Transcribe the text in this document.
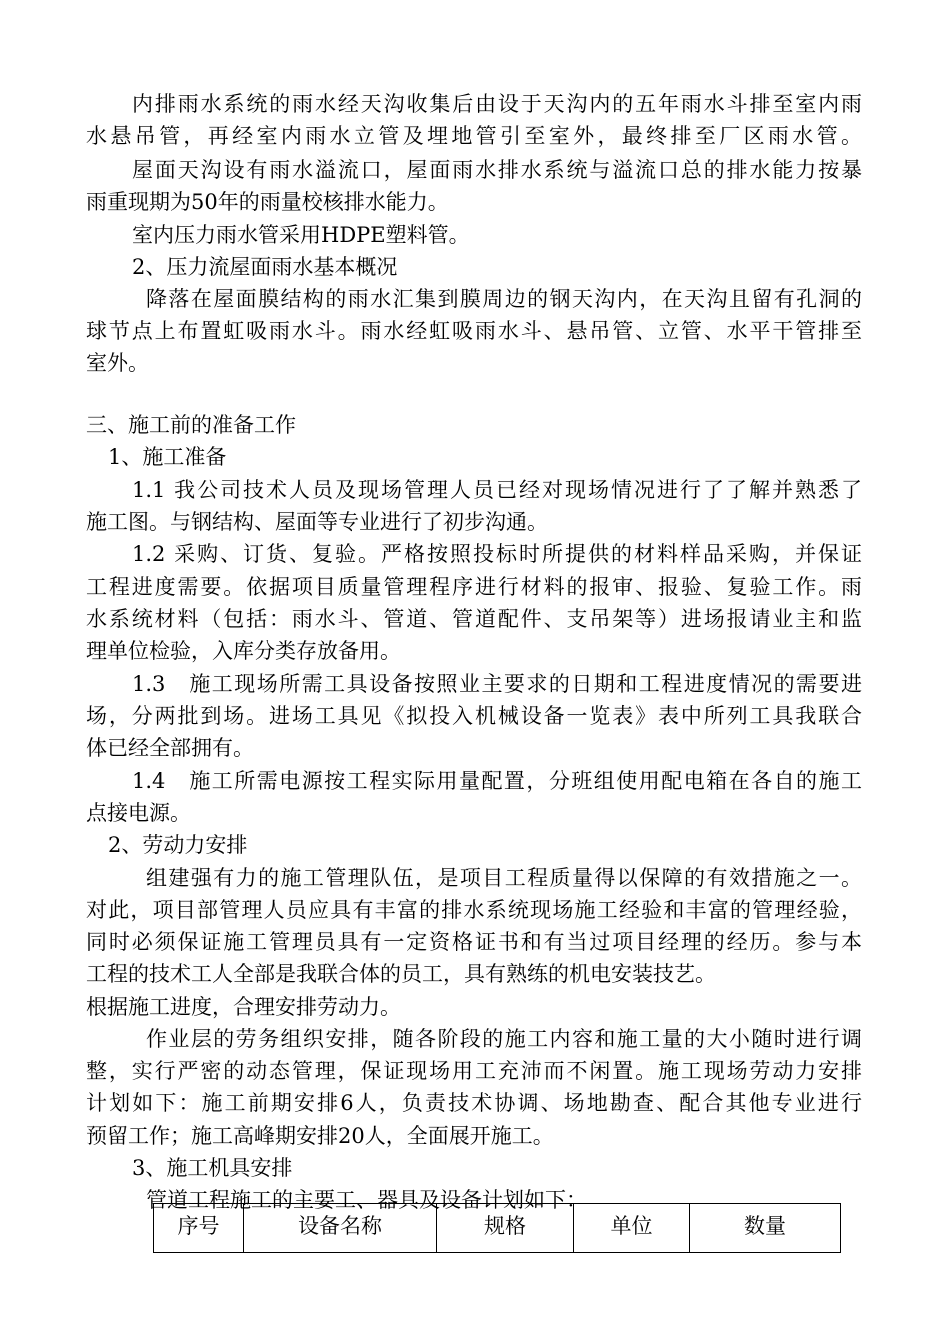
内排雨水系统的雨水经天沟收集后由设于天沟内的五年雨水斗排至室内雨
水悬吊管，再经室内雨水立管及埋地管引至室外，最终排至厂区雨水管。
屋面天沟设有雨水溢流口，屋面雨水排水系统与溢流口总的排水能力按暴
雨重现期为50年的雨量校核排水能力。
室内压力雨水管采用HDPE塑料管。
2、压力流屋面雨水基本概况
降落在屋面膜结构的雨水汇集到膜周边的钢天沟内，在天沟且留有孔洞的
球节点上布置虹吸雨水斗。雨水经虹吸雨水斗、悬吊管、立管、水平干管排至
室外。
三、施工前的准备工作
1、施工准备
1.1 我公司技术人员及现场管理人员已经对现场情况进行了了解并熟悉了
施工图。与钢结构、屋面等专业进行了初步沟通。
1.2 采购、订货、复验。严格按照投标时所提供的材料样品采购，并保证
工程进度需要。依据项目质量管理程序进行材料的报审、报验、复验工作。雨
水系统材料（包括：雨水斗、管道、管道配件、支吊架等）进场报请业主和监
理单位检验，入库分类存放备用。
1.3　施工现场所需工具设备按照业主要求的日期和工程进度情况的需要进
场，分两批到场。进场工具见《拟投入机械设备一览表》表中所列工具我联合
体已经全部拥有。
1.4　施工所需电源按工程实际用量配置，分班组使用配电箱在各自的施工
点接电源。
2、劳动力安排
组建强有力的施工管理队伍，是项目工程质量得以保障的有效措施之一。
对此，项目部管理人员应具有丰富的排水系统现场施工经验和丰富的管理经验，
同时必须保证施工管理员具有一定资格证书和有当过项目经理的经历。参与本
工程的技术工人全部是我联合体的员工，具有熟练的机电安装技艺。
根据施工进度，合理安排劳动力。
作业层的劳务组织安排，随各阶段的施工内容和施工量的大小随时进行调
整，实行严密的动态管理，保证现场用工充沛而不闲置。施工现场劳动力安排
计划如下：施工前期安排6人，负责技术协调、场地勘查、配合其他专业进行
预留工作；施工高峰期安排20人，全面展开施工。
3、施工机具安排
管道工程施工的主要工、器具及设备计划如下：
序号	设备名称	规格	单位	数量
